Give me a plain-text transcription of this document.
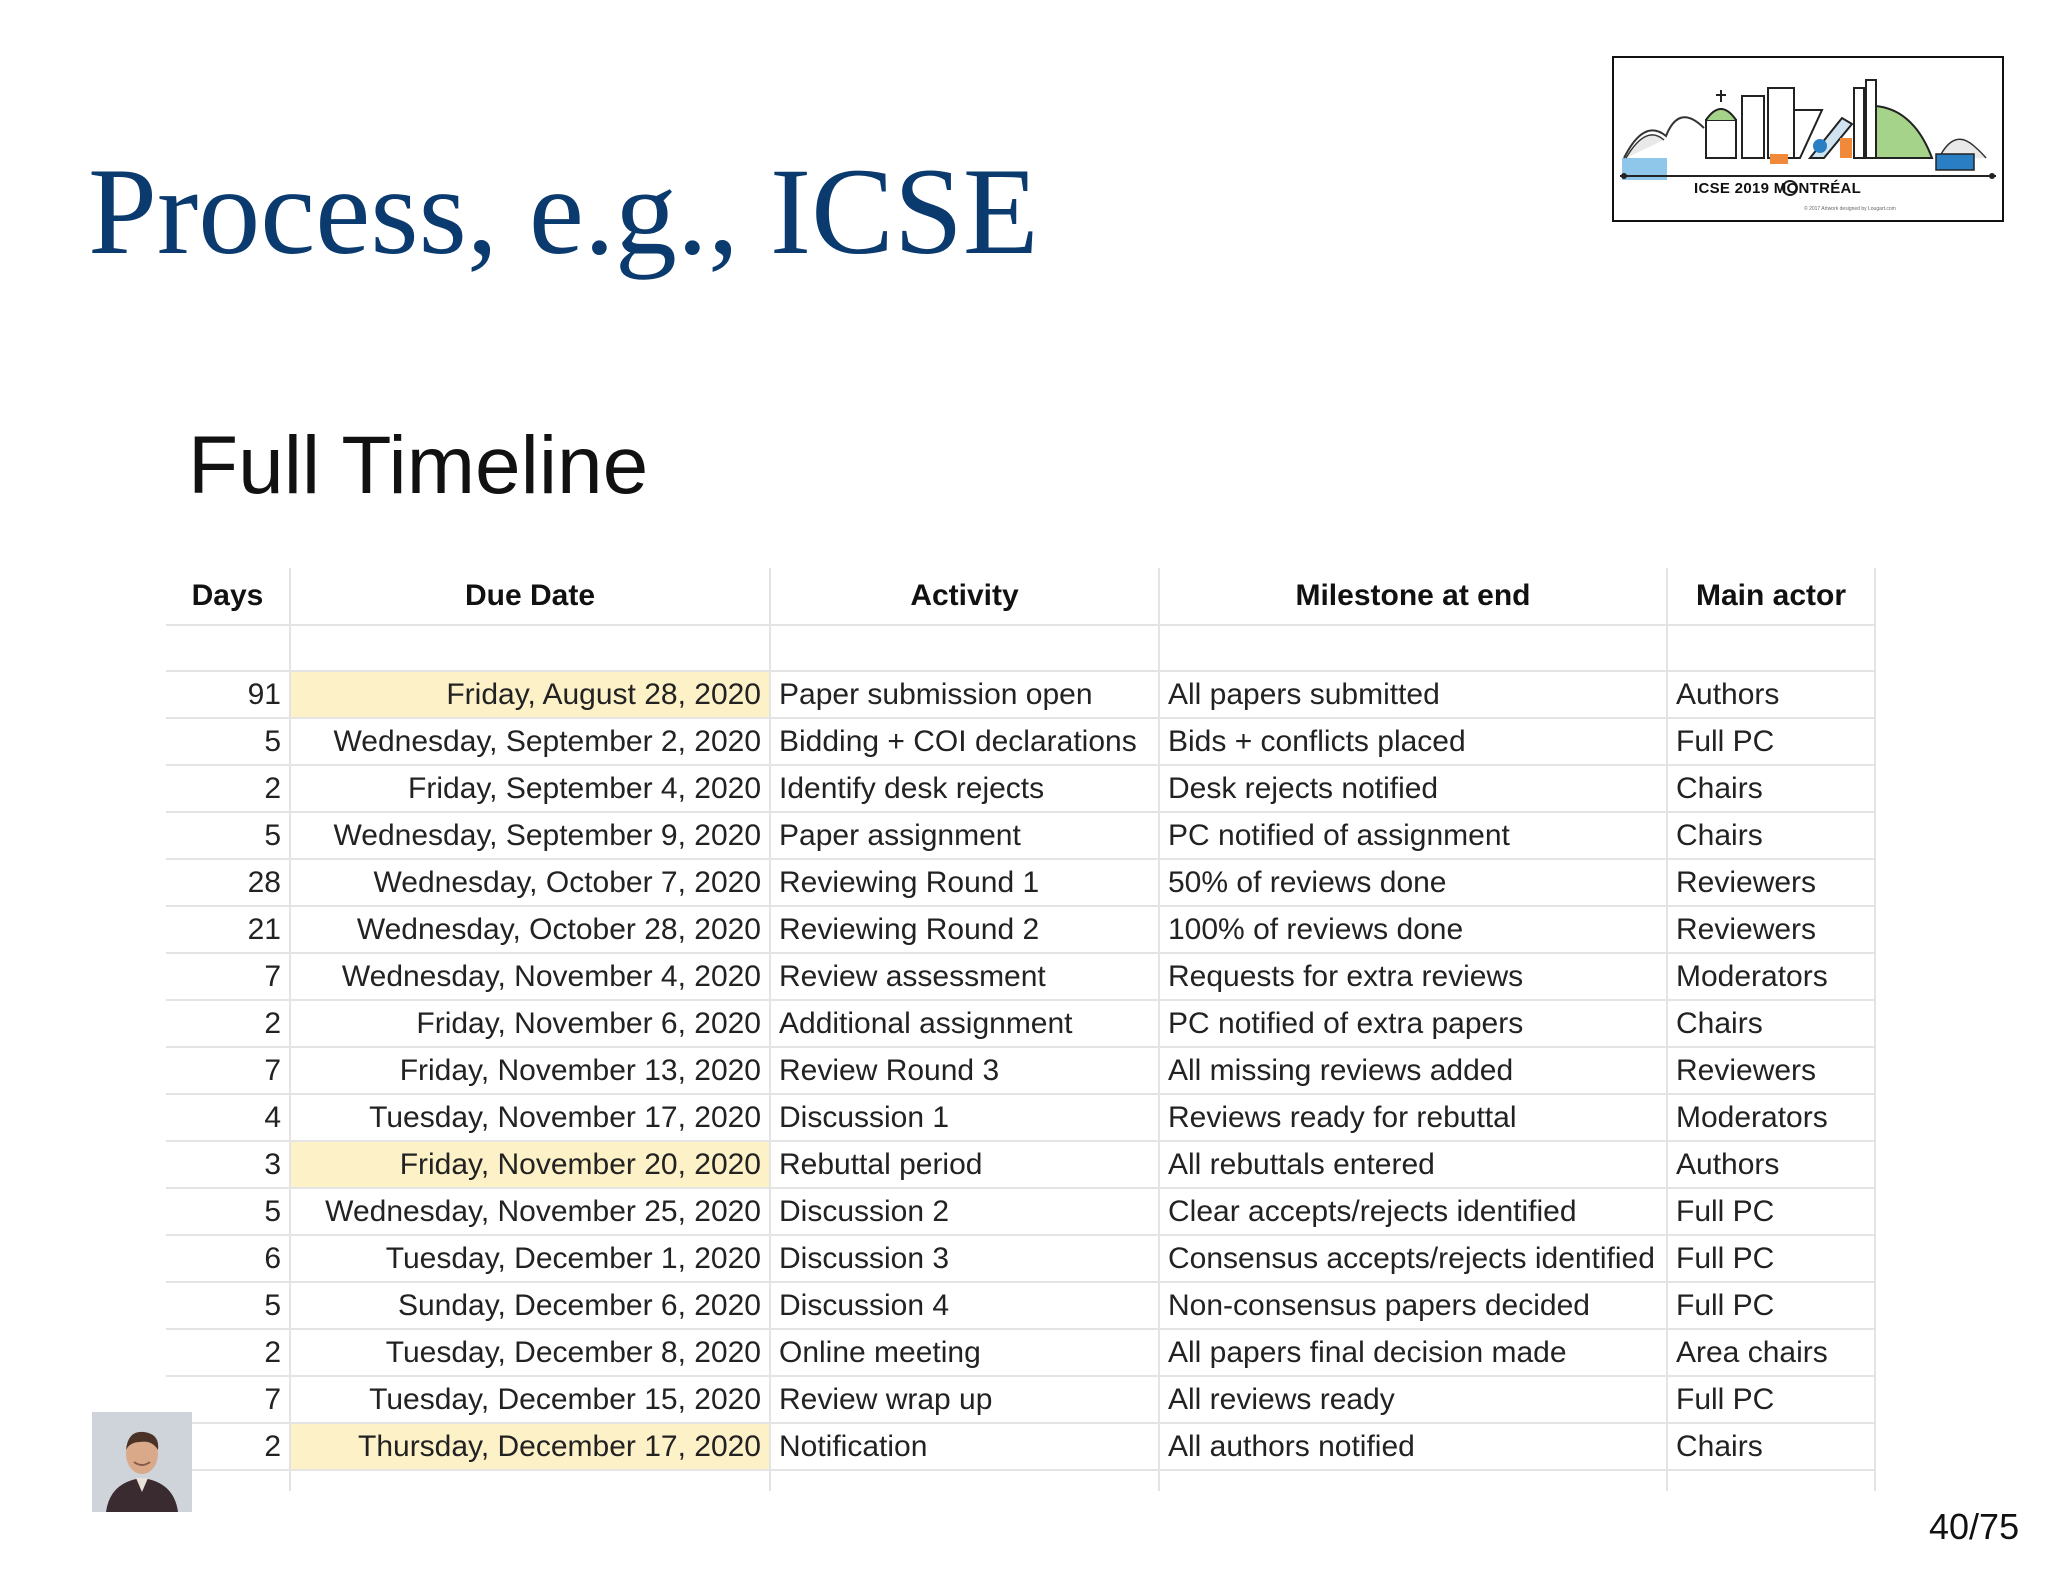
Process, e.g., ICSE	ICSE 2019 MONTRÉAL
© 2017 Artwork designed by Lougart.com
Full Timeline
Days	Due Date	Activity	Milestone at end	Main actor

91	Friday, August 28, 2020	Paper submission open	All papers submitted	Authors
5	Wednesday, September 2, 2020	Bidding + COI declarations	Bids + conflicts placed	Full PC
2	Friday, September 4, 2020	Identify desk rejects	Desk rejects notified	Chairs
5	Wednesday, September 9, 2020	Paper assignment	PC notified of assignment	Chairs
28	Wednesday, October 7, 2020	Reviewing Round 1	50% of reviews done	Reviewers
21	Wednesday, October 28, 2020	Reviewing Round 2	100% of reviews done	Reviewers
7	Wednesday, November 4, 2020	Review assessment	Requests for extra reviews	Moderators
2	Friday, November 6, 2020	Additional assignment	PC notified of extra papers	Chairs
7	Friday, November 13, 2020	Review Round 3	All missing reviews added	Reviewers
4	Tuesday, November 17, 2020	Discussion 1	Reviews ready for rebuttal	Moderators
3	Friday, November 20, 2020	Rebuttal period	All rebuttals entered	Authors
5	Wednesday, November 25, 2020	Discussion 2	Clear accepts/rejects identified	Full PC
6	Tuesday, December 1, 2020	Discussion 3	Consensus accepts/rejects identified	Full PC
5	Sunday, December 6, 2020	Discussion 4	Non-consensus papers decided	Full PC
2	Tuesday, December 8, 2020	Online meeting	All papers final decision made	Area chairs
7	Tuesday, December 15, 2020	Review wrap up	All reviews ready	Full PC
2	Thursday, December 17, 2020	Notification	All authors notified	Chairs

40/75
